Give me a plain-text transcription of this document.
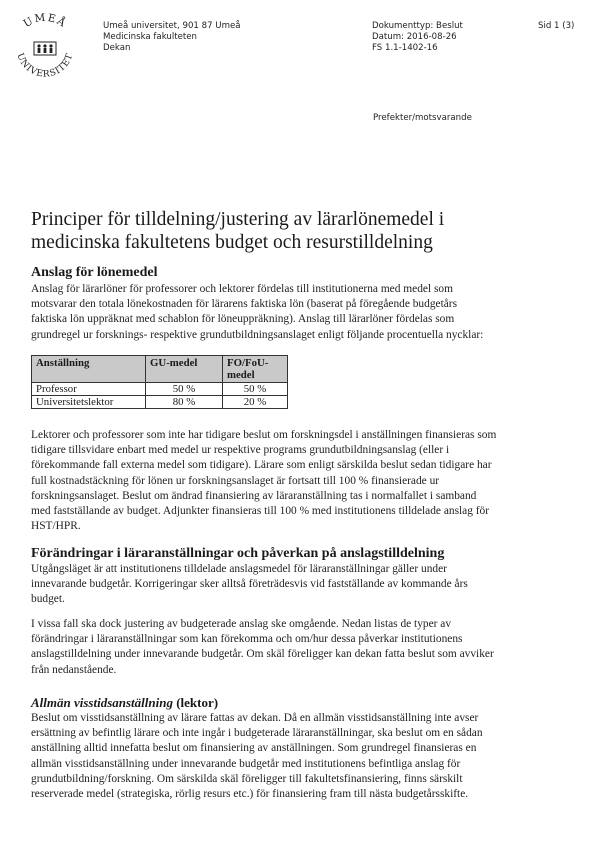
UMEÅ
UNIVERSITET
Umeå universitet, 901 87 Umeå
Medicinska fakulteten
Dekan
Dokumenttyp: Beslut
Datum: 2016-08-26
FS 1.1-1402-16
Sid 1 (3)
Prefekter/motsvarande
Principer för tilldelning/justering av lärarlönemedel i
medicinska fakultetens budget och resurstilldelning
Anslag för lönemedel

Anslag för lärarlöner för professorer och lektorer fördelas till institutionerna med medel som
motsvarar den totala lönekostnaden för lärarens faktiska lön (baserat på föregående budgetårs
faktiska lön uppräknat med schablon för löneuppräkning). Anslag till lärarlöner fördelas som
grundregel ur forsknings- respektive grundutbildningsanslaget enligt följande procentuella nycklar:

Anställning	GU-medel	FO/FoU-
medel
Professor	50 %	50 %
Universitetslektor	80 %	20 %

Lektorer och professorer som inte har tidigare beslut om forskningsdel i anställningen finansieras som
tidigare tillsvidare enbart med medel ur respektive programs grundutbildningsanslag (eller i
förekommande fall externa medel som tidigare). Lärare som enligt särskilda beslut sedan tidigare har
full kostnadstäckning för lönen ur forskningsanslaget är fortsatt till 100 % finansierade ur
forskningsanslaget. Beslut om ändrad finansiering av läraranställning tas i normalfallet i samband
med fastställande av budget. Adjunkter finansieras till 100 % med institutionens tilldelade anslag för
HST/HPR.

Förändringar i läraranställningar och påverkan på anslagstilldelning

Utgångsläget är att institutionens tilldelade anslagsmedel för läraranställningar gäller under
innevarande budgetår. Korrigeringar sker alltså företrädesvis vid fastställande av kommande års
budget.

I vissa fall ska dock justering av budgeterade anslag ske omgående. Nedan listas de typer av
förändringar i läraranställningar som kan förekomma och om/hur dessa påverkar institutionens
anslagstilldelning under innevarande budgetår. Om skäl föreligger kan dekan fatta beslut som avviker
från nedanstående.

Allmän visstidsanställning (lektor)

Beslut om visstidsanställning av lärare fattas av dekan. Då en allmän visstidsanställning inte avser
ersättning av befintlig lärare och inte ingår i budgeterade läraranställningar, ska beslut om en sådan
anställning alltid innefatta beslut om finansiering av anställningen. Som grundregel finansieras en
allmän visstidsanställning under innevarande budgetår med institutionens befintliga anslag för
grundutbildning/forskning. Om särskilda skäl föreligger till fakultetsfinansiering, finns särskilt
reserverade medel (strategiska, rörlig resurs etc.) för finansiering fram till nästa budgetårsskifte.
